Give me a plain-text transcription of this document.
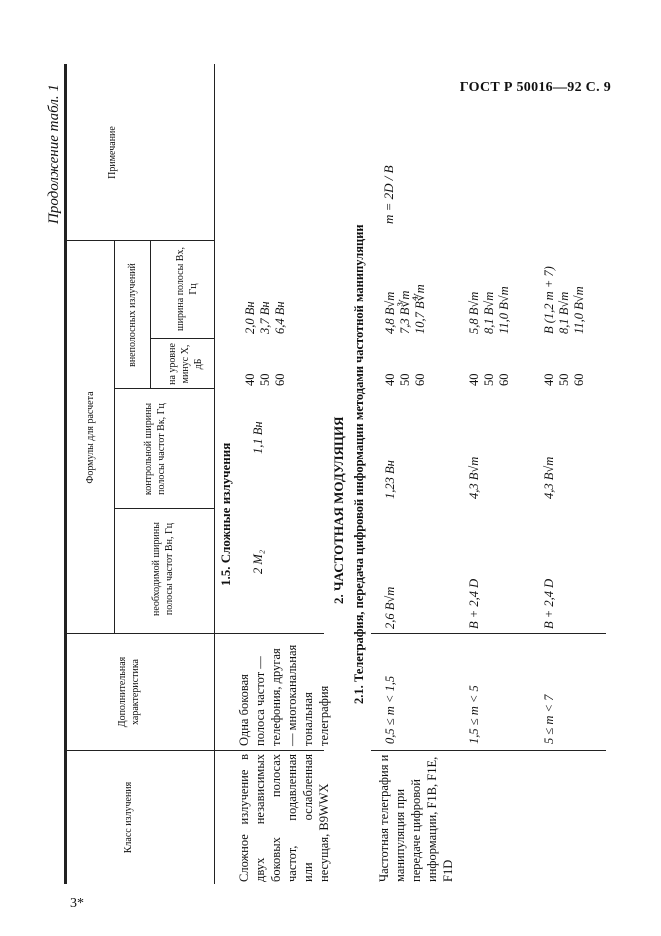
ГОСТ Р 50016—92 С. 9
3*
Продолжение табл. 1
Класс излучения
Дополнительная характеристика
Формулы для расчета
необходимой ширины полосы частот Bн, Гц
контрольной ширины полосы частот Bк, Гц
внеполосных излучений	на уровне минус X, дБ
ширина полосы Bx, Гц
Примечание
1.5. Сложные излучения
Сложное излучение в двух независимых боковых полосах частот, подавленная или ослабленная несущая, B9WWX
Одна боковая полоса частот — телефония, другая — многоканальная тональная телеграфия
2 M₂
1,1 Bн
40 50 60
2,0 Bн 3,7 Bн 6,4 Bн
2. ЧАСТОТНАЯ МОДУЛЯЦИЯ 2.1. Телеграфия, передача цифровой информации методами частотной манипуляции
Частотная телеграфия и манипуляция при передаче цифровой информации, F1B, F1E, F1D
m = 2D / B
0,5 ≤ m < 1,5
2,6 B√m
1,23 Bн
40 50 60
4,8 B√m 7,3 B∛m 10,7 B∜m
1,5 ≤ m < 5
B + 2,4 D
4,3 B√m
40 50 60
5,8 B√m 8,1 B√m 11,0 B√m
5 ≤ m < 7
B + 2,4 D
4,3 B√m
40 50 60
B (1,2 m + 7) 8,1 B√m 11,0 B√m
